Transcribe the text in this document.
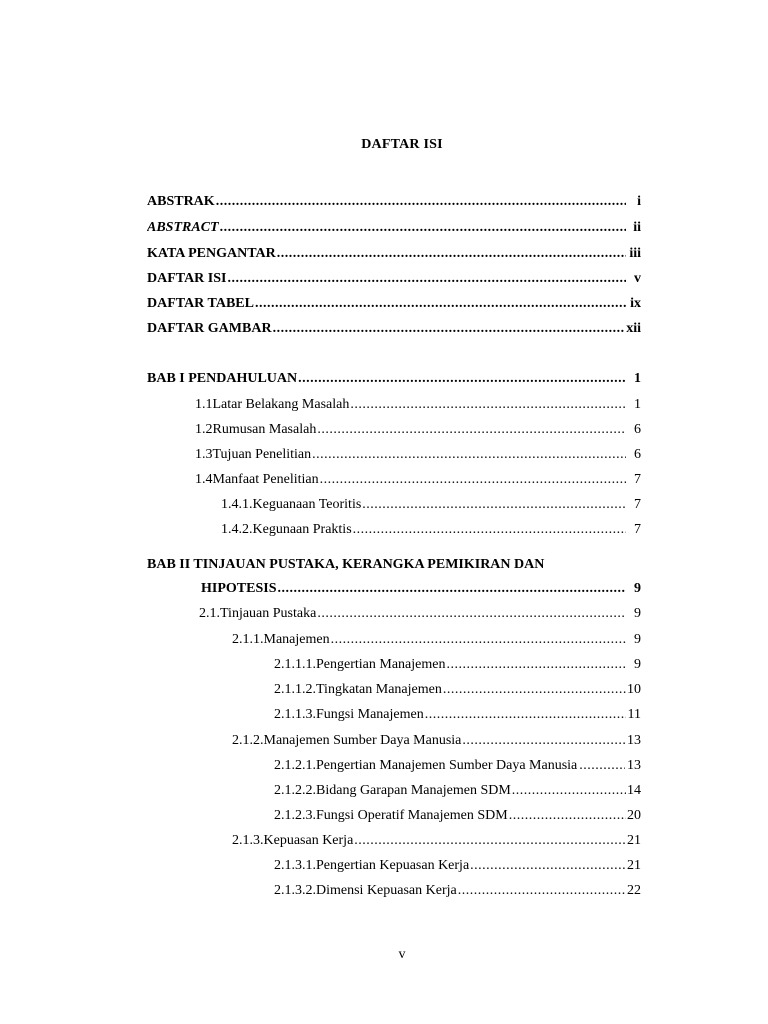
DAFTAR ISI
ABSTRAK .....	i
ABSTRACT .....	ii
KATA PENGANTAR .....	iii
DAFTAR ISI .....	v
DAFTAR TABEL .....	ix
DAFTAR GAMBAR .....	xii
BAB I PENDAHULUAN .....	1
1.1 Latar Belakang Masalah .....	1
1.2 Rumusan Masalah .....	6
1.3 Tujuan Penelitian .....	6
1.4 Manfaat Penelitian .....	7
1.4.1. Keguanaan Teoritis .....	7
1.4.2. Kegunaan Praktis .....	7
BAB II TINJAUAN PUSTAKA, KERANGKA PEMIKIRAN DAN
HIPOTESIS .....	9
2.1. Tinjauan Pustaka .....	9
2.1.1. Manajemen .....	9
2.1.1.1. Pengertian Manajemen .....	9
2.1.1.2. Tingkatan Manajemen .....	10
2.1.1.3. Fungsi Manajemen .....	11
2.1.2. Manajemen Sumber Daya Manusia .....	13
2.1.2.1. Pengertian Manajemen Sumber Daya Manusia .....	13
2.1.2.2. Bidang Garapan Manajemen SDM .....	14
2.1.2.3. Fungsi Operatif Manajemen SDM .....	20
2.1.3. Kepuasan Kerja .....	21
2.1.3.1. Pengertian Kepuasan Kerja .....	21
2.1.3.2. Dimensi Kepuasan Kerja .....	22
v
